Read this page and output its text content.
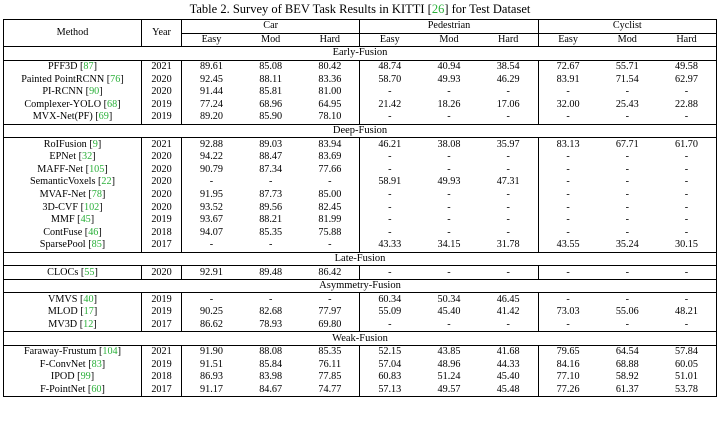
Table 2. Survey of BEV Task Results in KITTI [26] for Test Dataset
Method	Year	Car			Pedestrian			Cyclist		
		Easy	Mod	Hard	Easy	Mod	Hard	Easy	Mod	Hard
Early-Fusion										
PFF3D [87]	2021	89.61	85.08	80.42	48.74	40.94	38.54	72.67	55.71	49.58
Painted PointRCNN [76]	2020	92.45	88.11	83.36	58.70	49.93	46.29	83.91	71.54	62.97
PI-RCNN [90]	2020	91.44	85.81	81.00	-	-	-	-	-	-
Complexer-YOLO [68]	2019	77.24	68.96	64.95	21.42	18.26	17.06	32.00	25.43	22.88
MVX-Net(PF) [69]	2019	89.20	85.90	78.10	-	-	-	-	-	-
Deep-Fusion										
RoIFusion [9]	2021	92.88	89.03	83.94	46.21	38.08	35.97	83.13	67.71	61.70
EPNet [32]	2020	94.22	88.47	83.69	-	-	-	-	-	-
MAFF-Net [105]	2020	90.79	87.34	77.66	-	-	-	-	-	-
SemanticVoxels [22]	2020	-	-	-	58.91	49.93	47.31	-	-	-
MVAF-Net [78]	2020	91.95	87.73	85.00	-	-	-	-	-	-
3D-CVF [102]	2020	93.52	89.56	82.45	-	-	-	-	-	-
MMF [45]	2019	93.67	88.21	81.99	-	-	-	-	-	-
ContFuse [46]	2018	94.07	85.35	75.88	-	-	-	-	-	-
SparsePool [85]	2017	-	-	-	43.33	34.15	31.78	43.55	35.24	30.15
Late-Fusion										
CLOCs [55]	2020	92.91	89.48	86.42	-	-	-	-	-	-
Asymmetry-Fusion										
VMVS [40]	2019	-	-	-	60.34	50.34	46.45	-	-	-
MLOD [17]	2019	90.25	82.68	77.97	55.09	45.40	41.42	73.03	55.06	48.21
MV3D [12]	2017	86.62	78.93	69.80	-	-	-	-	-	-
Weak-Fusion										
Faraway-Frustum [104]	2021	91.90	88.08	85.35	52.15	43.85	41.68	79.65	64.54	57.84
F-ConvNet [83]	2019	91.51	85.84	76.11	57.04	48.96	44.33	84.16	68.88	60.05
IPOD [99]	2018	86.93	83.98	77.85	60.83	51.24	45.40	77.10	58.92	51.01
F-PointNet [60]	2017	91.17	84.67	74.77	57.13	49.57	45.48	77.26	61.37	53.78
